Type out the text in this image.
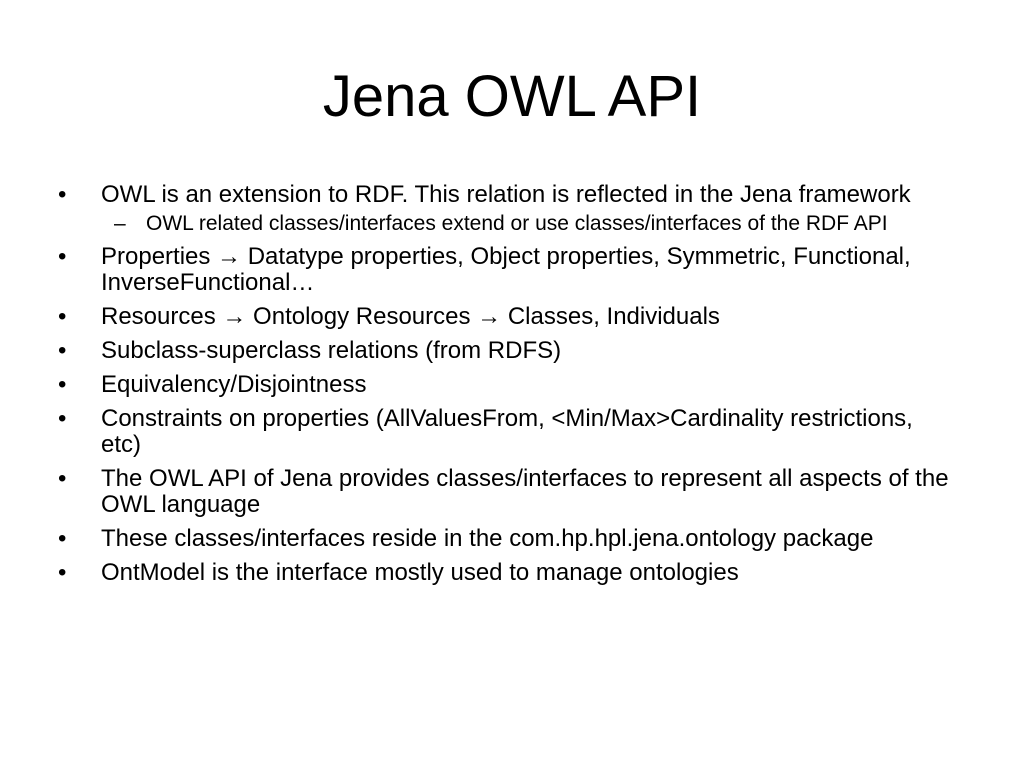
Jena OWL API
• OWL is an extension to RDF. This relation is reflected in the Jena framework
– OWL related classes/interfaces extend or use classes/interfaces of the RDF API
• Properties → Datatype properties, Object properties, Symmetric, Functional, InverseFunctional…
• Resources → Ontology Resources → Classes, Individuals
• Subclass-superclass relations (from RDFS)
• Equivalency/Disjointness
• Constraints on properties (AllValuesFrom, <Min/Max>Cardinality restrictions, etc)
• The OWL API of Jena provides classes/interfaces to represent all aspects of the OWL language
• These classes/interfaces reside in the com.hp.hpl.jena.ontology package
• OntModel is the interface mostly used to manage ontologies
